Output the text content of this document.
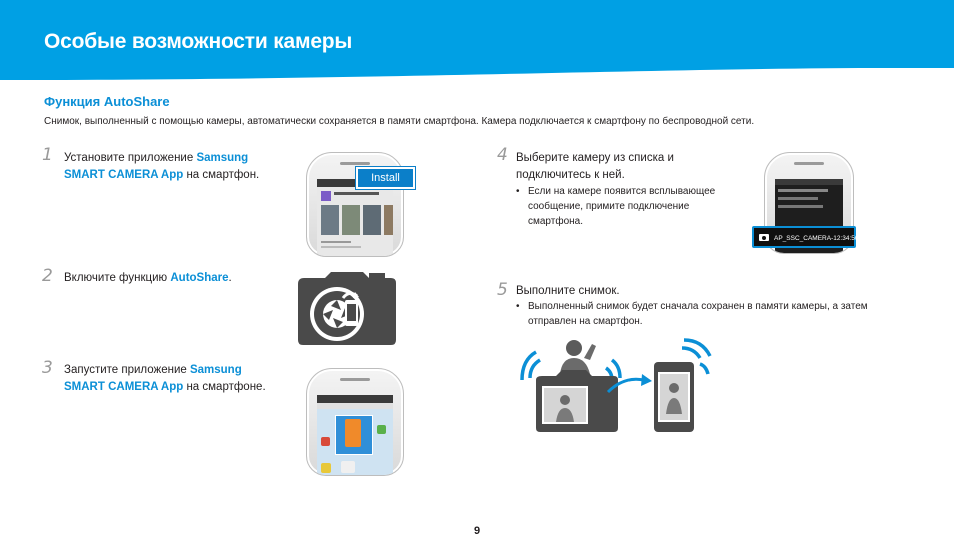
Особые возможности камеры
Функция AutoShare

Снимок, выполненный с помощью камеры, автоматически сохраняется в памяти смартфона. Камера подключается к смартфону по беспроводной сети.

1 Установите приложение Samsung SMART CAMERA App на смартфон.	Install
2 Включите функцию AutoShare.
3 Запустите приложение Samsung SMART CAMERA App на смартфоне.
4 Выберите камеру из списка и подключитесь к ней.
• Если на камере появится всплывающее сообщение, примите подключение смартфона.
AP_SSC_CAMERA-12:34:56
5 Выполните снимок.
• Выполненный снимок будет сначала сохранен в памяти камеры, а затем отправлен на смартфон.
9
